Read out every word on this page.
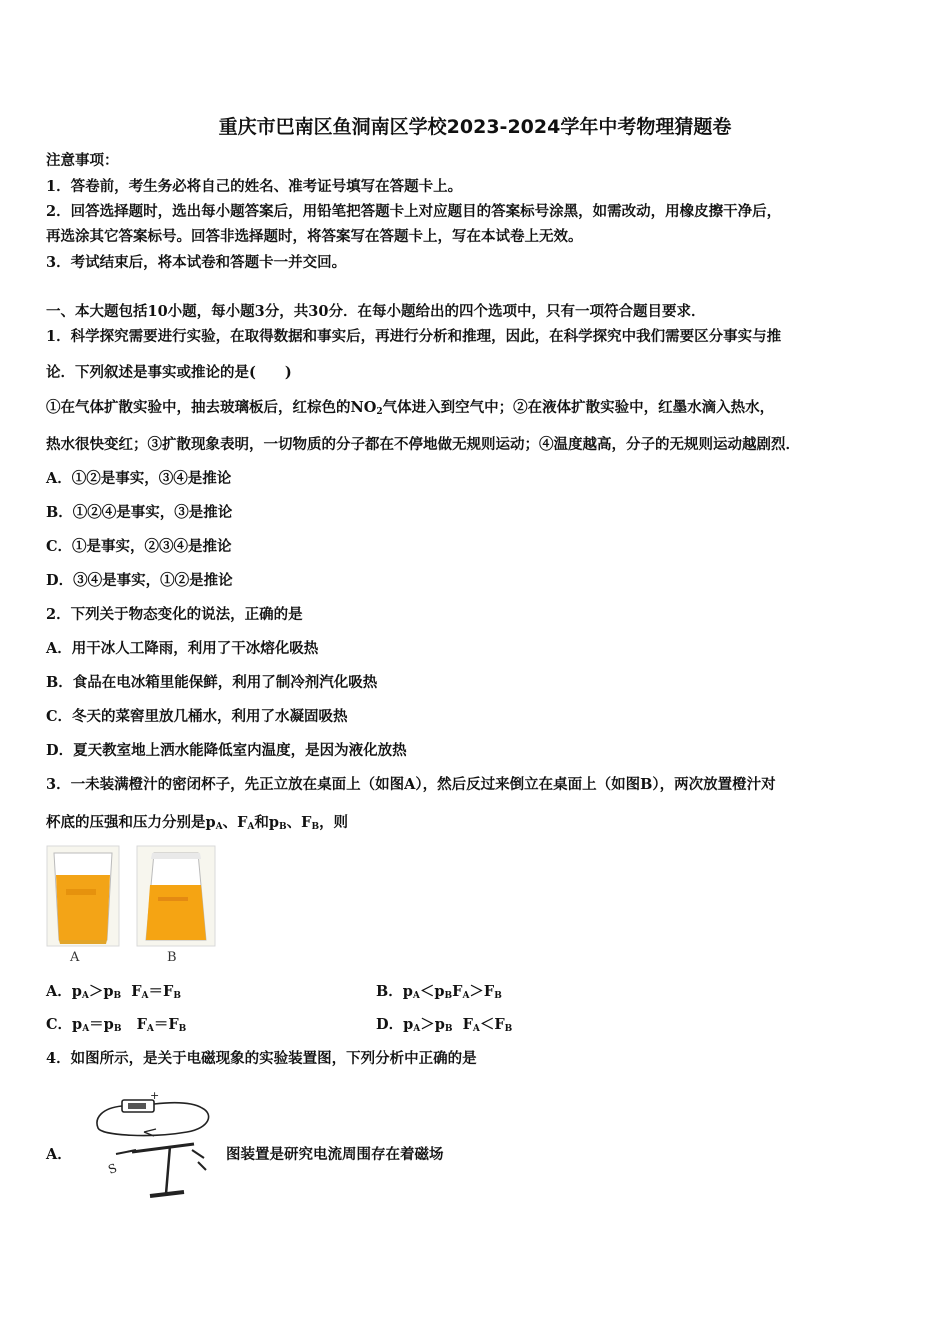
重庆市巴南区鱼洞南区学校2023-2024学年中考物理猜题卷
注意事项：
1．答卷前，考生务必将自己的姓名、准考证号填写在答题卡上。
2．回答选择题时，选出每小题答案后，用铅笔把答题卡上对应题目的答案标号涂黑，如需改动，用橡皮擦干净后，
再选涂其它答案标号。回答非选择题时，将答案写在答题卡上，写在本试卷上无效。
3．考试结束后，将本试卷和答题卡一并交回。
一、本大题包括10小题，每小题3分，共30分．在每小题给出的四个选项中，只有一项符合题目要求．
1．科学探究需要进行实验，在取得数据和事实后，再进行分析和推理，因此，在科学探究中我们需要区分事实与推
论．下列叙述是事实或推论的是(　　)
①在气体扩散实验中，抽去玻璃板后，红棕色的$NO_2$气体进入到空气中；②在液体扩散实验中，红墨水滴入热水，
热水很快变红；③扩散现象表明，一切物质的分子都在不停地做无规则运动；④温度越高，分子的无规则运动越剧烈．
A．①②是事实，③④是推论
B．①②④是事实，③是推论
C．①是事实，②③④是推论
D．③④是事实，①②是推论
2．下列关于物态变化的说法，正确的是
A．用干冰人工降雨，利用了干冰熔化吸热
B．食品在电冰箱里能保鲜，利用了制冷剂汽化吸热
C．冬天的菜窖里放几桶水，利用了水凝固吸热
D．夏天教室地上洒水能降低室内温度，是因为液化放热
3．一未装满橙汁的密闭杯子，先正立放在桌面上（如图A），然后反过来倒立在桌面上（如图B），两次放置橙汁对
杯底的压强和压力分别是$p_A$、$F_A$和$p_B$、$F_B$，则
A	B
A．$p_A>p_B$ $F_A=F_B$	B．$p_A<p_BF_A>F_B$
C．$p_A=p_B$ $F_A=F_B$	D．$p_A>p_B$ $F_A<F_B$
4．如图所示，是关于电磁现象的实验装置图，下列分析中正确的是
A．
+
S
图装置是研究电流周围存在着磁场
